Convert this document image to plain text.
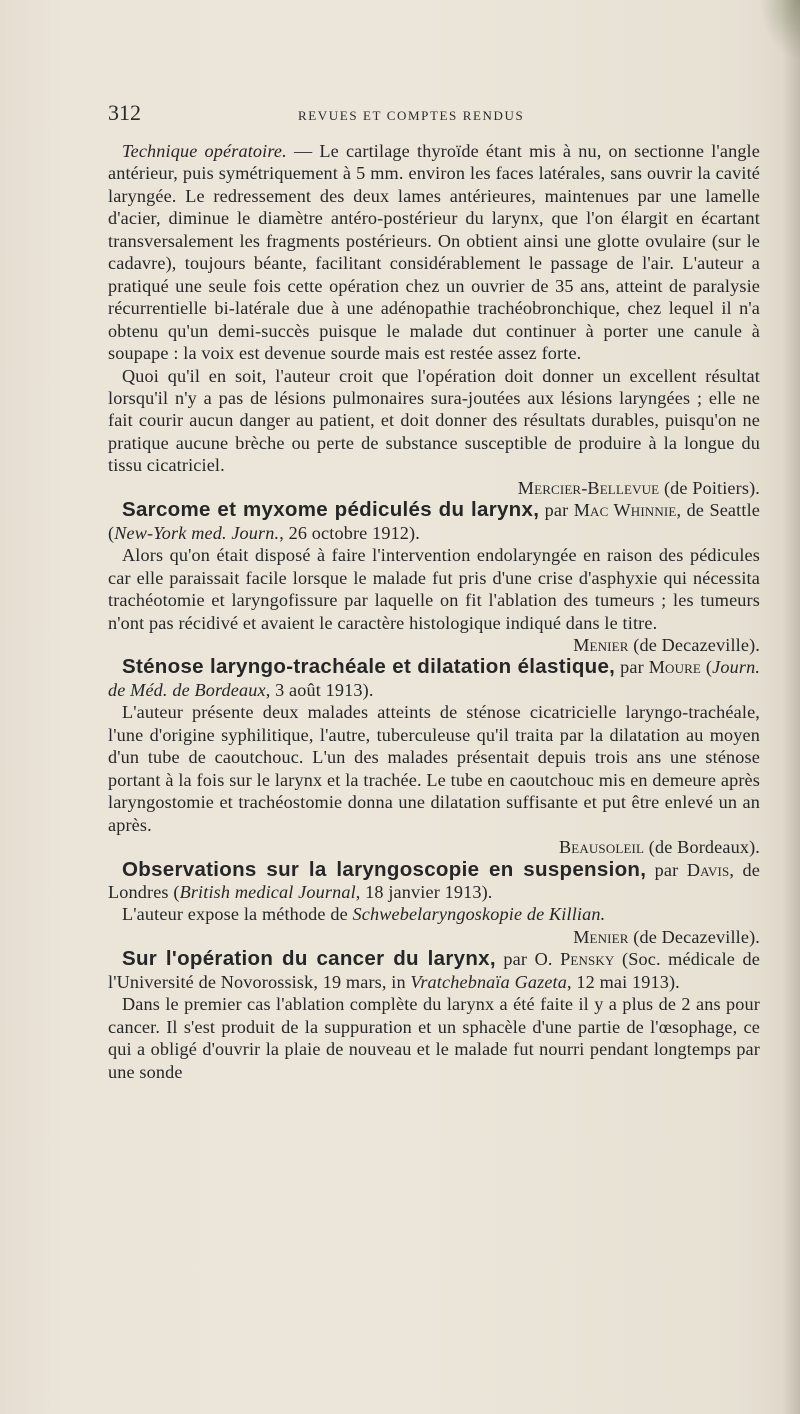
312	REVUES ET COMPTES RENDUS

Technique opératoire. — Le cartilage thyroïde étant mis à nu, on sectionne l'angle antérieur, puis symétriquement à 5 mm. environ les faces latérales, sans ouvrir la cavité laryngée. Le redressement des deux lames antérieures, maintenues par une lamelle d'acier, diminue le diamètre antéro-postérieur du larynx, que l'on élargit en écartant transversalement les fragments postérieurs. On obtient ainsi une glotte ovulaire (sur le cadavre), toujours béante, facilitant considérablement le passage de l'air. L'auteur a pratiqué une seule fois cette opération chez un ouvrier de 35 ans, atteint de paralysie récurrentielle bi-latérale due à une adénopathie trachéobronchique, chez lequel il n'a obtenu qu'un demi-succès puisque le malade dut continuer à porter une canule à soupape : la voix est devenue sourde mais est restée assez forte.

Quoi qu'il en soit, l'auteur croit que l'opération doit donner un excellent résultat lorsqu'il n'y a pas de lésions pulmonaires sura-joutées aux lésions laryngées ; elle ne fait courir aucun danger au patient, et doit donner des résultats durables, puisqu'on ne pratique aucune brèche ou perte de substance susceptible de produire à la longue du tissu cicatriciel.

Mercier-Bellevue (de Poitiers).

Sarcome et myxome pédiculés du larynx, par Mac Whinnie, de Seattle (New-York med. Journ., 26 octobre 1912).

Alors qu'on était disposé à faire l'intervention endolaryngée en raison des pédicules car elle paraissait facile lorsque le malade fut pris d'une crise d'asphyxie qui nécessita trachéotomie et laryngofissure par laquelle on fit l'ablation des tumeurs ; les tumeurs n'ont pas récidivé et avaient le caractère histologique indiqué dans le titre.

Menier (de Decazeville).

Sténose laryngo-trachéale et dilatation élastique, par Moure (Journ. de Méd. de Bordeaux, 3 août 1913).

L'auteur présente deux malades atteints de sténose cicatricielle laryngo-trachéale, l'une d'origine syphilitique, l'autre, tuberculeuse qu'il traita par la dilatation au moyen d'un tube de caoutchouc. L'un des malades présentait depuis trois ans une sténose portant à la fois sur le larynx et la trachée. Le tube en caoutchouc mis en demeure après laryngostomie et trachéostomie donna une dilatation suffisante et put être enlevé un an après.

Beausoleil (de Bordeaux).

Observations sur la laryngoscopie en suspension, par Davis, de Londres (British medical Journal, 18 janvier 1913).

L'auteur expose la méthode de Schwebelaryngoskopie de Killian.

Menier (de Decazeville).

Sur l'opération du cancer du larynx, par O. Pensky (Soc. médicale de l'Université de Novorossisk, 19 mars, in Vratchebnaïa Gazeta, 12 mai 1913).

Dans le premier cas l'ablation complète du larynx a été faite il y a plus de 2 ans pour cancer. Il s'est produit de la suppuration et un sphacèle d'une partie de l'œsophage, ce qui a obligé d'ouvrir la plaie de nouveau et le malade fut nourri pendant longtemps par une sonde
